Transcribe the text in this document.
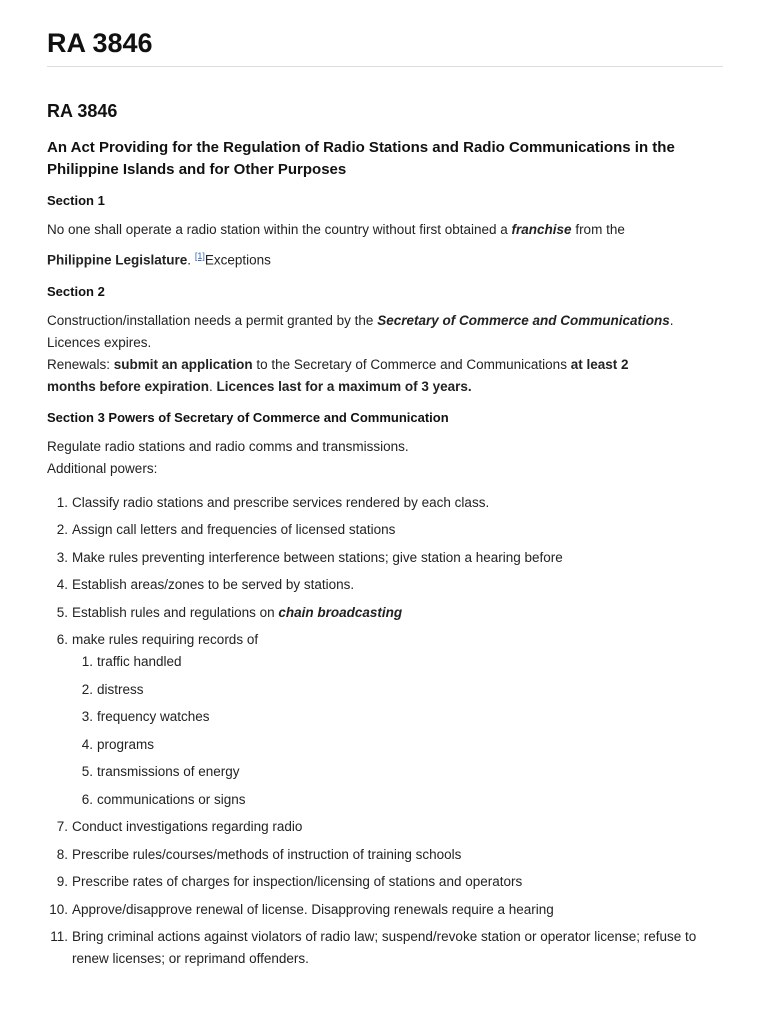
RA 3846
RA 3846
An Act Providing for the Regulation of Radio Stations and Radio Communications in the Philippine Islands and for Other Purposes
Section 1
No one shall operate a radio station within the country without first obtained a franchise from the
Philippine Legislature. [1]Exceptions
Section 2
Construction/installation needs a permit granted by the Secretary of Commerce and Communications.
Licences expires.
Renewals: submit an application to the Secretary of Commerce and Communications at least 2
months before expiration. Licences last for a maximum of 3 years.
Section 3 Powers of Secretary of Commerce and Communication
Regulate radio stations and radio comms and transmissions.
Additional powers:
1. Classify radio stations and prescribe services rendered by each class.
2. Assign call letters and frequencies of licensed stations
3. Make rules preventing interference between stations; give station a hearing before
4. Establish areas/zones to be served by stations.
5. Establish rules and regulations on chain broadcasting
6. make rules requiring records of
1. traffic handled
2. distress
3. frequency watches
4. programs
5. transmissions of energy
6. communications or signs
7. Conduct investigations regarding radio
8. Prescribe rules/courses/methods of instruction of training schools
9. Prescribe rates of charges for inspection/licensing of stations and operators
10. Approve/disapprove renewal of license. Disapproving renewals require a hearing
11. Bring criminal actions against violators of radio law; suspend/revoke station or operator license; refuse to renew licenses; or reprimand offenders.
